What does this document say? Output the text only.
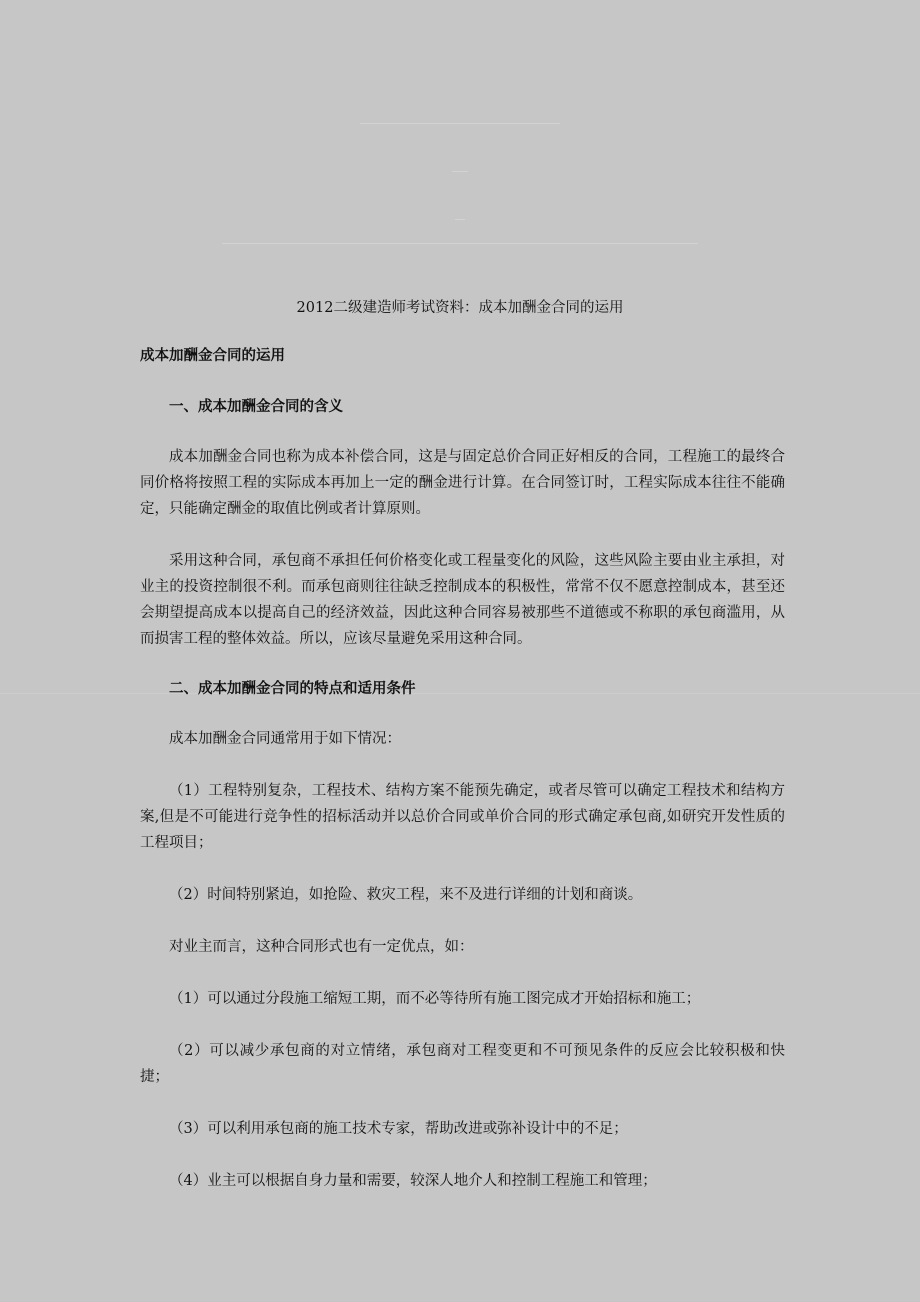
2012二级建造师考试资料：成本加酬金合同的运用
成本加酬金合同的运用
一、成本加酬金合同的含义

成本加酬金合同也称为成本补偿合同，这是与固定总价合同正好相反的合同，工程施工的最终合同价格将按照工程的实际成本再加上一定的酬金进行计算。在合同签订时，工程实际成本往往不能确定，只能确定酬金的取值比例或者计算原则。

采用这种合同，承包商不承担任何价格变化或工程量变化的风险，这些风险主要由业主承担，对业主的投资控制很不利。而承包商则往往缺乏控制成本的积极性，常常不仅不愿意控制成本，甚至还会期望提高成本以提高自己的经济效益，因此这种合同容易被那些不道德或不称职的承包商滥用，从而损害工程的整体效益。所以，应该尽量避免采用这种合同。

二、成本加酬金合同的特点和适用条件

成本加酬金合同通常用于如下情况：

（1）工程特别复杂，工程技术、结构方案不能预先确定，或者尽管可以确定工程技术和结构方案,但是不可能进行竞争性的招标活动并以总价合同或单价合同的形式确定承包商,如研究开发性质的工程项目；

（2）时间特别紧迫，如抢险、救灾工程，来不及进行详细的计划和商谈。

对业主而言，这种合同形式也有一定优点，如：

（1）可以通过分段施工缩短工期，而不必等待所有施工图完成才开始招标和施工；

（2）可以减少承包商的对立情绪，承包商对工程变更和不可预见条件的反应会比较积极和快捷；

（3）可以利用承包商的施工技术专家，帮助改进或弥补设计中的不足；

（4）业主可以根据自身力量和需要，较深人地介人和控制工程施工和管理；
